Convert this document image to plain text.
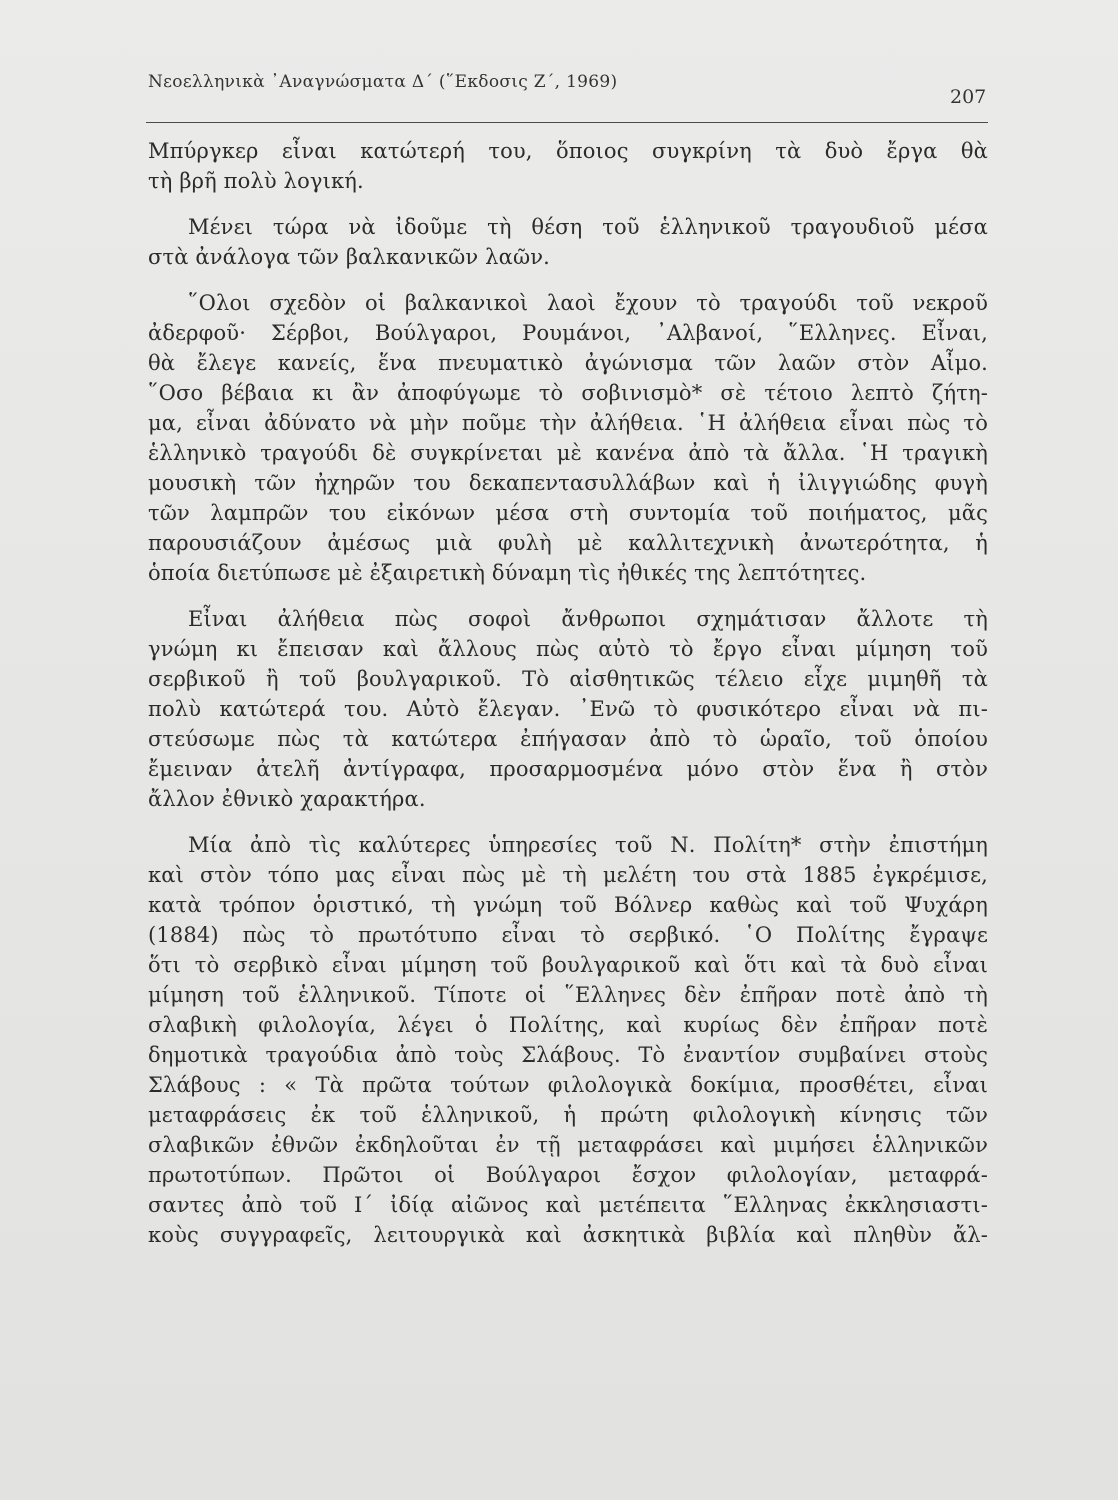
Νεοελληνικὰ ᾿Αναγνώσματα Δ΄ (῞Εκδοσις Ζ΄, 1969)
207
Μπύργκερ εἶναι κατώτερή του, ὅποιος συγκρίνη τὰ δυὸ ἔργα θὰ
τὴ βρῆ πολὺ λογική.
Μένει τώρα νὰ ἰδοῦμε τὴ θέση τοῦ ἑλληνικοῦ τραγουδιοῦ μέσα
στὰ ἀνάλογα τῶν βαλκανικῶν λαῶν.
῞Ολοι σχεδὸν οἱ βαλκανικοὶ λαοὶ ἔχουν τὸ τραγούδι τοῦ νεκροῦ
ἀδερφοῦ· Σέρβοι, Βούλγαροι, Ρουμάνοι, ᾿Αλβανοί, ῞Ελληνες. Εἶναι,
θὰ ἔλεγε κανείς, ἕνα πνευματικὸ ἀγώνισμα τῶν λαῶν στὸν Αἶμο.
῞Οσο βέβαια κι ἂν ἀποφύγωμε τὸ σοβινισμὸ* σὲ τέτοιο λεπτὸ ζήτη-
μα, εἶναι ἀδύνατο νὰ μὴν ποῦμε τὴν ἀλήθεια. ῾Η ἀλήθεια εἶναι πὼς τὸ
ἑλληνικὸ τραγούδι δὲ συγκρίνεται μὲ κανένα ἀπὸ τὰ ἄλλα. ῾Η τραγικὴ
μουσικὴ τῶν ἠχηρῶν του δεκαπεντασυλλάβων καὶ ἡ ἰλιγγιώδης φυγὴ
τῶν λαμπρῶν του εἰκόνων μέσα στὴ συντομία τοῦ ποιήματος, μᾶς
παρουσιάζουν ἀμέσως μιὰ φυλὴ μὲ καλλιτεχνικὴ ἀνωτερότητα, ἡ
ὁποία διετύπωσε μὲ ἐξαιρετικὴ δύναμη τὶς ἠθικές της λεπτότητες.
Εἶναι ἀλήθεια πὼς σοφοὶ ἄνθρωποι σχημάτισαν ἄλλοτε τὴ
γνώμη κι ἔπεισαν καὶ ἄλλους πὼς αὐτὸ τὸ ἔργο εἶναι μίμηση τοῦ
σερβικοῦ ἢ τοῦ βουλγαρικοῦ. Τὸ αἰσθητικῶς τέλειο εἶχε μιμηθῆ τὰ
πολὺ κατώτερά του. Αὐτὸ ἔλεγαν. ᾿Ενῶ τὸ φυσικότερο εἶναι νὰ πι-
στεύσωμε πὼς τὰ κατώτερα ἐπήγασαν ἀπὸ τὸ ὡραῖο, τοῦ ὁποίου
ἔμειναν ἀτελῆ ἀντίγραφα, προσαρμοσμένα μόνο στὸν ἕνα ἢ στὸν
ἄλλον ἐθνικὸ χαρακτήρα.
Μία ἀπὸ τὶς καλύτερες ὑπηρεσίες τοῦ Ν. Πολίτη* στὴν ἐπιστήμη
καὶ στὸν τόπο μας εἶναι πὼς μὲ τὴ μελέτη του στὰ 1885 ἐγκρέμισε,
κατὰ τρόπον ὁριστικό, τὴ γνώμη τοῦ Βόλνερ καθὼς καὶ τοῦ Ψυχάρη
(1884) πὼς τὸ πρωτότυπο εἶναι τὸ σερβικό. ῾Ο Πολίτης ἔγραψε
ὅτι τὸ σερβικὸ εἶναι μίμηση τοῦ βουλγαρικοῦ καὶ ὅτι καὶ τὰ δυὸ εἶναι
μίμηση τοῦ ἑλληνικοῦ. Τίποτε οἱ ῞Ελληνες δὲν ἐπῆραν ποτὲ ἀπὸ τὴ
σλαβικὴ φιλολογία, λέγει ὁ Πολίτης, καὶ κυρίως δὲν ἐπῆραν ποτὲ
δημοτικὰ τραγούδια ἀπὸ τοὺς Σλάβους. Τὸ ἐναντίον συμβαίνει στοὺς
Σλάβους : « Τὰ πρῶτα τούτων φιλολογικὰ δοκίμια, προσθέτει, εἶναι
μεταφράσεις ἐκ τοῦ ἑλληνικοῦ, ἡ πρώτη φιλολογικὴ κίνησις τῶν
σλαβικῶν ἐθνῶν ἐκδηλοῦται ἐν τῇ μεταφράσει καὶ μιμήσει ἑλληνικῶν
πρωτοτύπων. Πρῶτοι οἱ Βούλγαροι ἔσχον φιλολογίαν, μεταφρά-
σαντες ἀπὸ τοῦ Ι΄ ἰδίᾳ αἰῶνος καὶ μετέπειτα ῞Ελληνας ἐκκλησιαστι-
κοὺς συγγραφεῖς, λειτουργικὰ καὶ ἀσκητικὰ βιβλία καὶ πληθὺν ἄλ-
